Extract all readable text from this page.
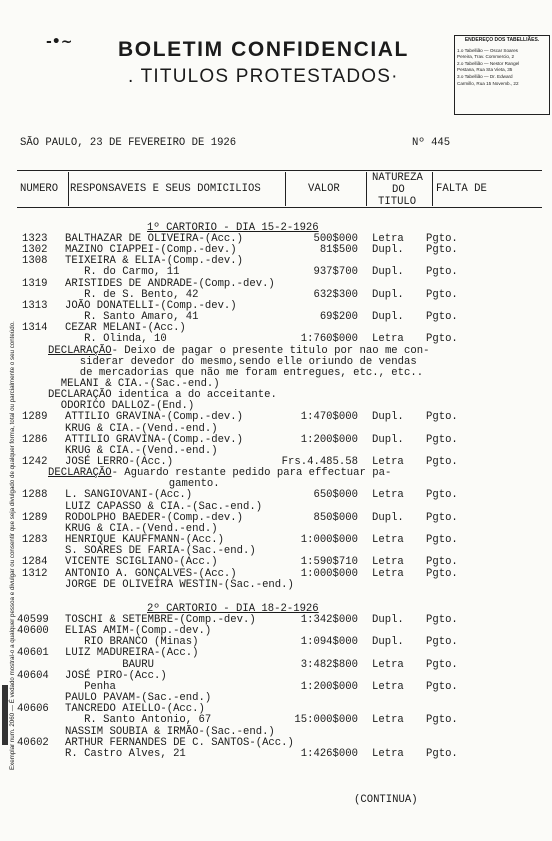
-•~ BOLETIM CONFIDENCIAL
. TITULOS PROTESTADOS·
ENDEREÇO DOS TABELLIÃES.
1.o Tabellião — Oscar Soares
Pereira, Trav. Commercio, 2
2.o Tabellião — Nestor Rangel
Pestana, Rua Sta Vieta, 35
3.o Tabellião — Dr. Edward
Carmillo, Rua 15 Novemb., 22
SÃO PAULO, 23 DE FEVEREIRO DE 1926	Nº 445
Exemplar num. 2060 — É vedado mostral-o a qualquer pessoa e divulgar ou consentir que seja divulgado de qualquer forma, total ou parcialmente o seu conteúdo.
NUMERO RESPONSAVEIS E SEUS DOMICILIOS	VALOR
NATUREZA
DO
TITULO
FALTA DE
1º CARTORIO - DIA 15-2-1926
2º CARTORIO - DIA 18-2-1926
1323 BALTHAZAR DE OLIVEIRA-(Acc.)	500$000 Letra Pgto.
1302 MAZINO CIAPPEI-(Comp.-dev.)	81$500 Dupl. Pgto.
1308 TEIXEIRA & ELIA-(Comp.-dev.)
R. do Carmo, 11	937$700 Dupl. Pgto.
1319 ARISTIDES DE ANDRADE-(Comp.-dev.)
R. de S. Bento, 42	632$300 Dupl. Pgto.
1313 JOÃO DONATELLI-(Comp.-dev.)
R. Santo Amaro, 41	69$200 Dupl. Pgto.
1314 CEZAR MELANI-(Acc.)
R. Olinda, 10	1:760$000 Letra Pgto.
DECLARAÇÃO- Deixo de pagar o presente titulo por nao me con-
siderar devedor do mesmo,sendo elle oriundo de vendas
de mercadorias que não me foram entregues, etc., etc..
MELANI & CIA.-(Sac.-end.)
DECLARAÇÃO identica a do acceitante.
ODORICO DALLOZ-(End.)
1289 ATTILIO GRAVINA-(Comp.-dev.)	1:470$000 Dupl. Pgto.
KRUG & CIA.-(Vend.-end.)
1286 ATTILIO GRAVINA-(Comp.-dev.)	1:200$000 Dupl. Pgto.
KRUG & CIA.-(Vend.-end.)
1242 JOSÉ LERRO-(Acc.)	Frs.4.485.58 Letra Pgto.
DECLARAÇÃO- Aguardo restante pedido para effectuar pa-
gamento.
1288 L. SANGIOVANI-(Acc.)	650$000 Letra Pgto.
LUIZ CAPASSO & CIA.-(Sac.-end.)
1289 RODOLPHO BAEDER-(Comp.-dev.)	850$000 Dupl. Pgto.
KRUG & CIA.-(Vend.-end.)
1283 HENRIQUE KAUFFMANN-(Acc.)	1:000$000 Letra Pgto.
S. SOARES DE FARIA-(Sac.-end.)
1284 VICENTE SCIGLIANO-(Acc.)	1:590$710 Letra Pgto.
1312 ANTONIO A. GONÇALVES-(Acc.)	1:000$000 Letra Pgto.
JORGE DE OLIVEIRA WESTIN-(Sac.-end.)
40599 TOSCHI & SETEMBRE-(Comp.-dev.)	1:342$000 Dupl. Pgto.
40600 ELIAS AMIM-(Comp.-dev.)
RIO BRANCO (Minas)	1:094$000 Dupl. Pgto.
40601 LUIZ MADUREIRA-(Acc.)
BAURU	3:482$800 Letra Pgto.
40604 JOSÉ PIRO-(Acc.)
Penha	1:200$000 Letra Pgto.
PAULO PAVAM-(Sac.-end.)
40606 TANCREDO AIELLO-(Acc.)
R. Santo Antonio, 67	15:000$000 Letra Pgto.
NASSIM SOUBIA & IRMÃO-(Sac.-end.)
40602 ARTHUR FERNANDES DE C. SANTOS-(Acc.)
R. Castro Alves, 21	1:426$000 Letra Pgto.
(CONTINUA)
